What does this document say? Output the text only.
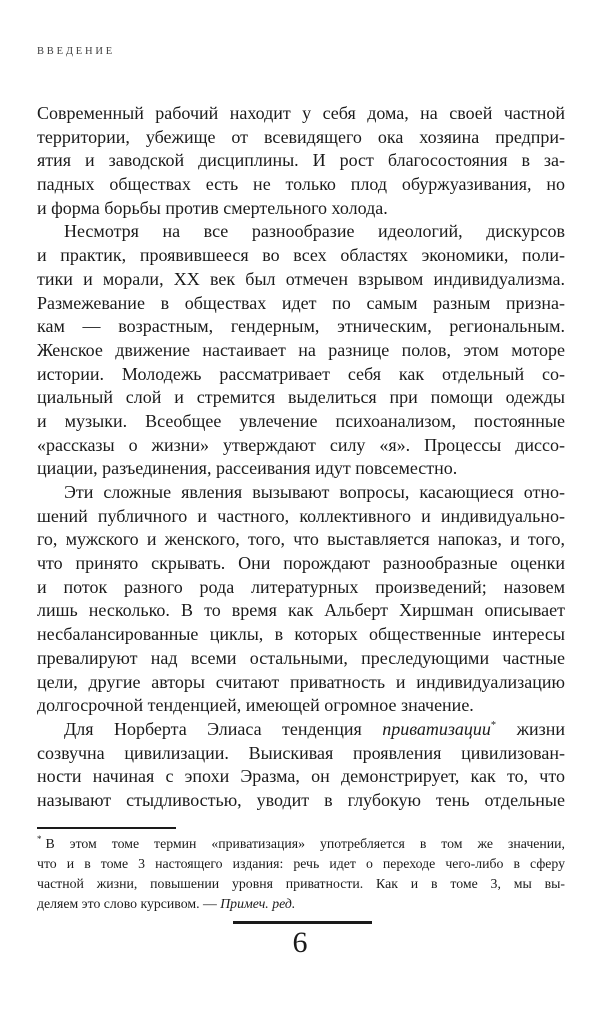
ВВЕДЕНИЕ
Современный рабочий находит у себя дома, на своей частной
территории, убежище от всевидящего ока хозяина предпри-
ятия и заводской дисциплины. И рост благосостояния в за-
падных обществах есть не только плод обуржуазивания, но
и форма борьбы против смертельного холода.
Несмотря на все разнообразие идеологий, дискурсов
и практик, проявившееся во всех областях экономики, поли-
тики и морали, XX век был отмечен взрывом индивидуализма.
Размежевание в обществах идет по самым разным призна-
кам — возрастным, гендерным, этническим, региональным.
Женское движение настаивает на разнице полов, этом моторе
истории. Молодежь рассматривает себя как отдельный со-
циальный слой и стремится выделиться при помощи одежды
и музыки. Всеобщее увлечение психоанализом, постоянные
«рассказы о жизни» утверждают силу «я». Процессы диссо-
циации, разъединения, рассеивания идут повсеместно.
Эти сложные явления вызывают вопросы, касающиеся отно-
шений публичного и частного, коллективного и индивидуально-
го, мужского и женского, того, что выставляется напоказ, и того,
что принято скрывать. Они порождают разнообразные оценки
и поток разного рода литературных произведений; назовем
лишь несколько. В то время как Альберт Хиршман описывает
несбалансированные циклы, в которых общественные интересы
превалируют над всеми остальными, преследующими частные
цели, другие авторы считают приватность и индивидуализацию
долгосрочной тенденцией, имеющей огромное значение.
Для Норберта Элиаса тенденция приватизации* жизни
созвучна цивилизации. Выискивая проявления цивилизован-
ности начиная с эпохи Эразма, он демонстрирует, как то, что
называют стыдливостью, уводит в глубокую тень отдельные
* В этом томе термин «приватизация» употребляется в том же значении,
что и в томе 3 настоящего издания: речь идет о переходе чего-либо в сферу
частной жизни, повышении уровня приватности. Как и в томе 3, мы вы-
деляем это слово курсивом. — Примеч. ред.
6
